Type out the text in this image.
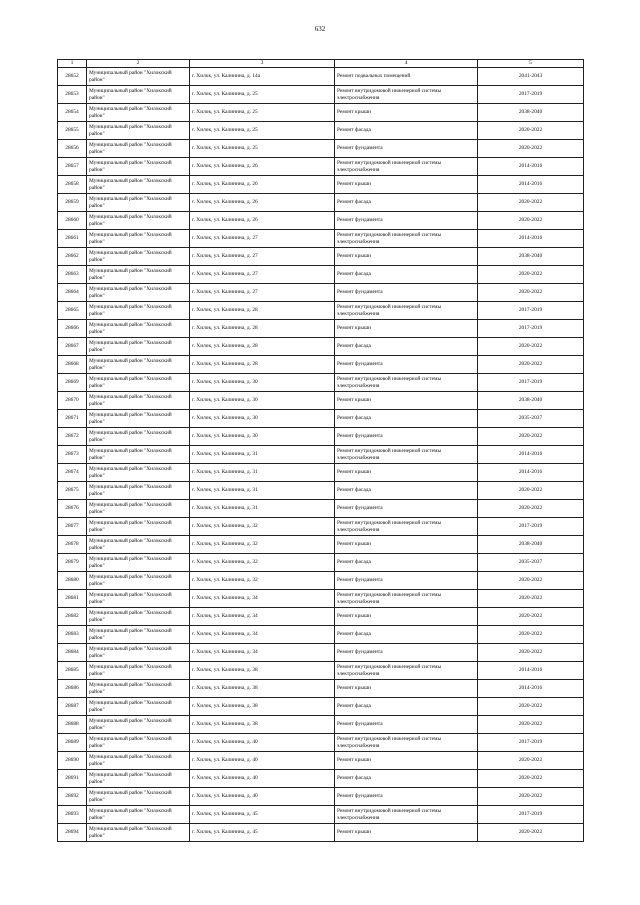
632
1	2	3	4	5
28652	Муниципальный район "Хилокский район"	г. Хилок, ул. Калинина, д. 14а	Ремонт подвальных помещений	2041-2043
28653	Муниципальный район "Хилокский район"	г. Хилок, ул. Калинина, д. 25	Ремонт внутридомовой инженерной системы электроснабжения	2017-2019
28654	Муниципальный район "Хилокский район"	г. Хилок, ул. Калинина, д. 25	Ремонт крыши	2038-2040
28655	Муниципальный район "Хилокский район"	г. Хилок, ул. Калинина, д. 25	Ремонт фасада	2020-2022
28656	Муниципальный район "Хилокский район"	г. Хилок, ул. Калинина, д. 25	Ремонт фундамента	2020-2022
28657	Муниципальный район "Хилокский район"	г. Хилок, ул. Калинина, д. 26	Ремонт внутридомовой инженерной системы электроснабжения	2014-2016
28658	Муниципальный район "Хилокский район"	г. Хилок, ул. Калинина, д. 26	Ремонт крыши	2014-2016
28659	Муниципальный район "Хилокский район"	г. Хилок, ул. Калинина, д. 26	Ремонт фасада	2020-2022
28660	Муниципальный район "Хилокский район"	г. Хилок, ул. Калинина, д. 26	Ремонт фундамента	2020-2022
28661	Муниципальный район "Хилокский район"	г. Хилок, ул. Калинина, д. 27	Ремонт внутридомовой инженерной системы электроснабжения	2014-2016
28662	Муниципальный район "Хилокский район"	г. Хилок, ул. Калинина, д. 27	Ремонт крыши	2038-2040
28663	Муниципальный район "Хилокский район"	г. Хилок, ул. Калинина, д. 27	Ремонт фасада	2020-2022
28664	Муниципальный район "Хилокский район"	г. Хилок, ул. Калинина, д. 27	Ремонт фундамента	2020-2022
28665	Муниципальный район "Хилокский район"	г. Хилок, ул. Калинина, д. 28	Ремонт внутридомовой инженерной системы электроснабжения	2017-2019
28666	Муниципальный район "Хилокский район"	г. Хилок, ул. Калинина, д. 28	Ремонт крыши	2017-2019
28667	Муниципальный район "Хилокский район"	г. Хилок, ул. Калинина, д. 28	Ремонт фасада	2020-2022
28668	Муниципальный район "Хилокский район"	г. Хилок, ул. Калинина, д. 28	Ремонт фундамента	2020-2022
28669	Муниципальный район "Хилокский район"	г. Хилок, ул. Калинина, д. 30	Ремонт внутридомовой инженерной системы электроснабжения	2017-2019
28670	Муниципальный район "Хилокский район"	г. Хилок, ул. Калинина, д. 30	Ремонт крыши	2038-2040
28671	Муниципальный район "Хилокский район"	г. Хилок, ул. Калинина, д. 30	Ремонт фасада	2035-2037
28672	Муниципальный район "Хилокский район"	г. Хилок, ул. Калинина, д. 30	Ремонт фундамента	2020-2022
28673	Муниципальный район "Хилокский район"	г. Хилок, ул. Калинина, д. 31	Ремонт внутридомовой инженерной системы электроснабжения	2014-2016
28674	Муниципальный район "Хилокский район"	г. Хилок, ул. Калинина, д. 31	Ремонт крыши	2014-2016
28675	Муниципальный район "Хилокский район"	г. Хилок, ул. Калинина, д. 31	Ремонт фасада	2020-2022
28676	Муниципальный район "Хилокский район"	г. Хилок, ул. Калинина, д. 31	Ремонт фундамента	2020-2022
28677	Муниципальный район "Хилокский район"	г. Хилок, ул. Калинина, д. 32	Ремонт внутридомовой инженерной системы электроснабжения	2017-2019
28678	Муниципальный район "Хилокский район"	г. Хилок, ул. Калинина, д. 32	Ремонт крыши	2038-2040
28679	Муниципальный район "Хилокский район"	г. Хилок, ул. Калинина, д. 32	Ремонт фасада	2035-2037
28680	Муниципальный район "Хилокский район"	г. Хилок, ул. Калинина, д. 32	Ремонт фундамента	2020-2022
28681	Муниципальный район "Хилокский район"	г. Хилок, ул. Калинина, д. 34	Ремонт внутридомовой инженерной системы электроснабжения	2020-2022
28682	Муниципальный район "Хилокский район"	г. Хилок, ул. Калинина, д. 34	Ремонт крыши	2020-2022
28683	Муниципальный район "Хилокский район"	г. Хилок, ул. Калинина, д. 34	Ремонт фасада	2020-2022
28684	Муниципальный район "Хилокский район"	г. Хилок, ул. Калинина, д. 34	Ремонт фундамента	2020-2022
28685	Муниципальный район "Хилокский район"	г. Хилок, ул. Калинина, д. 38	Ремонт внутридомовой инженерной системы электроснабжения	2014-2016
28686	Муниципальный район "Хилокский район"	г. Хилок, ул. Калинина, д. 38	Ремонт крыши	2014-2016
28687	Муниципальный район "Хилокский район"	г. Хилок, ул. Калинина, д. 38	Ремонт фасада	2020-2022
28688	Муниципальный район "Хилокский район"	г. Хилок, ул. Калинина, д. 38	Ремонт фундамента	2020-2022
28689	Муниципальный район "Хилокский район"	г. Хилок, ул. Калинина, д. 40	Ремонт внутридомовой инженерной системы электроснабжения	2017-2019
28690	Муниципальный район "Хилокский район"	г. Хилок, ул. Калинина, д. 40	Ремонт крыши	2020-2022
28691	Муниципальный район "Хилокский район"	г. Хилок, ул. Калинина, д. 40	Ремонт фасада	2020-2022
28692	Муниципальный район "Хилокский район"	г. Хилок, ул. Калинина, д. 40	Ремонт фундамента	2020-2022
28693	Муниципальный район "Хилокский район"	г. Хилок, ул. Калинина, д. 45	Ремонт внутридомовой инженерной системы электроснабжения	2017-2019
28694	Муниципальный район "Хилокский район"	г. Хилок, ул. Калинина, д. 45	Ремонт крыши	2020-2022
